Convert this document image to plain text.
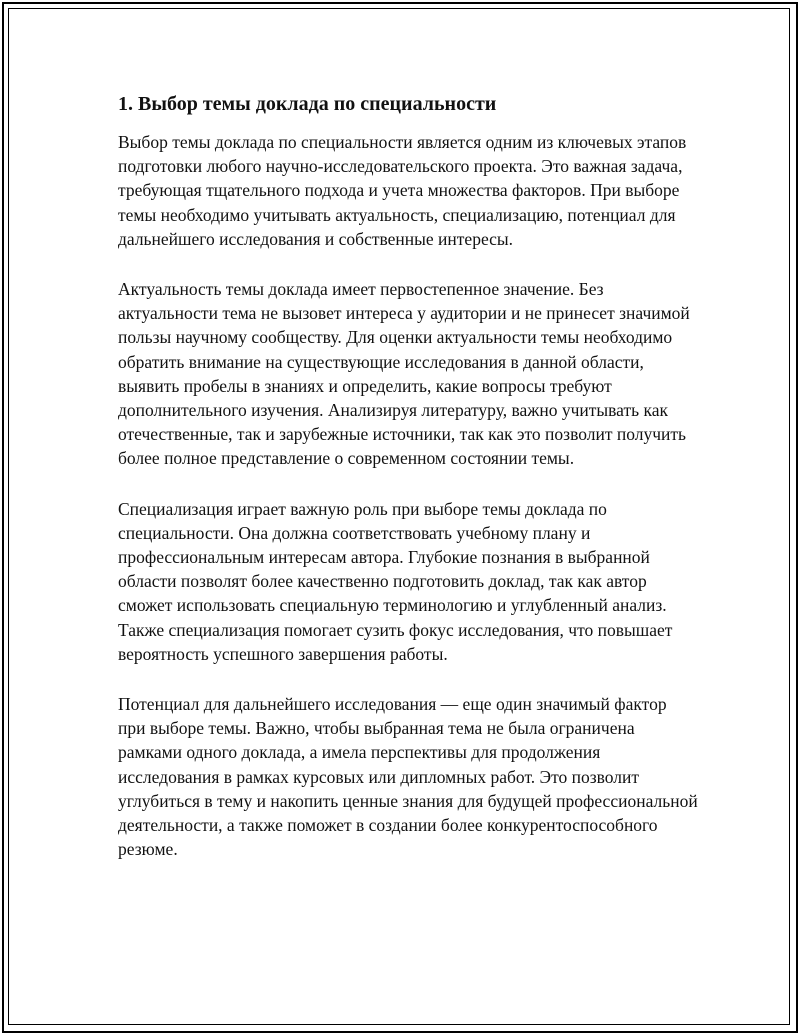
1. Выбор темы доклада по специальности

Выбор темы доклада по специальности является одним из ключевых этапов подготовки любого научно-исследовательского проекта. Это важная задача, требующая тщательного подхода и учета множества факторов. При выборе темы необходимо учитывать актуальность, специализацию, потенциал для дальнейшего исследования и собственные интересы.

Актуальность темы доклада имеет первостепенное значение. Без актуальности тема не вызовет интереса у аудитории и не принесет значимой пользы научному сообществу. Для оценки актуальности темы необходимо обратить внимание на существующие исследования в данной области, выявить пробелы в знаниях и определить, какие вопросы требуют дополнительного изучения. Анализируя литературу, важно учитывать как отечественные, так и зарубежные источники, так как это позволит получить более полное представление о современном состоянии темы.

Специализация играет важную роль при выборе темы доклада по специальности. Она должна соответствовать учебному плану и профессиональным интересам автора. Глубокие познания в выбранной области позволят более качественно подготовить доклад, так как автор сможет использовать специальную терминологию и углубленный анализ. Также специализация помогает сузить фокус исследования, что повышает вероятность успешного завершения работы.

Потенциал для дальнейшего исследования — еще один значимый фактор при выборе темы. Важно, чтобы выбранная тема не была ограничена рамками одного доклада, а имела перспективы для продолжения исследования в рамках курсовых или дипломных работ. Это позволит углубиться в тему и накопить ценные знания для будущей профессиональной деятельности, а также поможет в создании более конкурентоспособного резюме.
